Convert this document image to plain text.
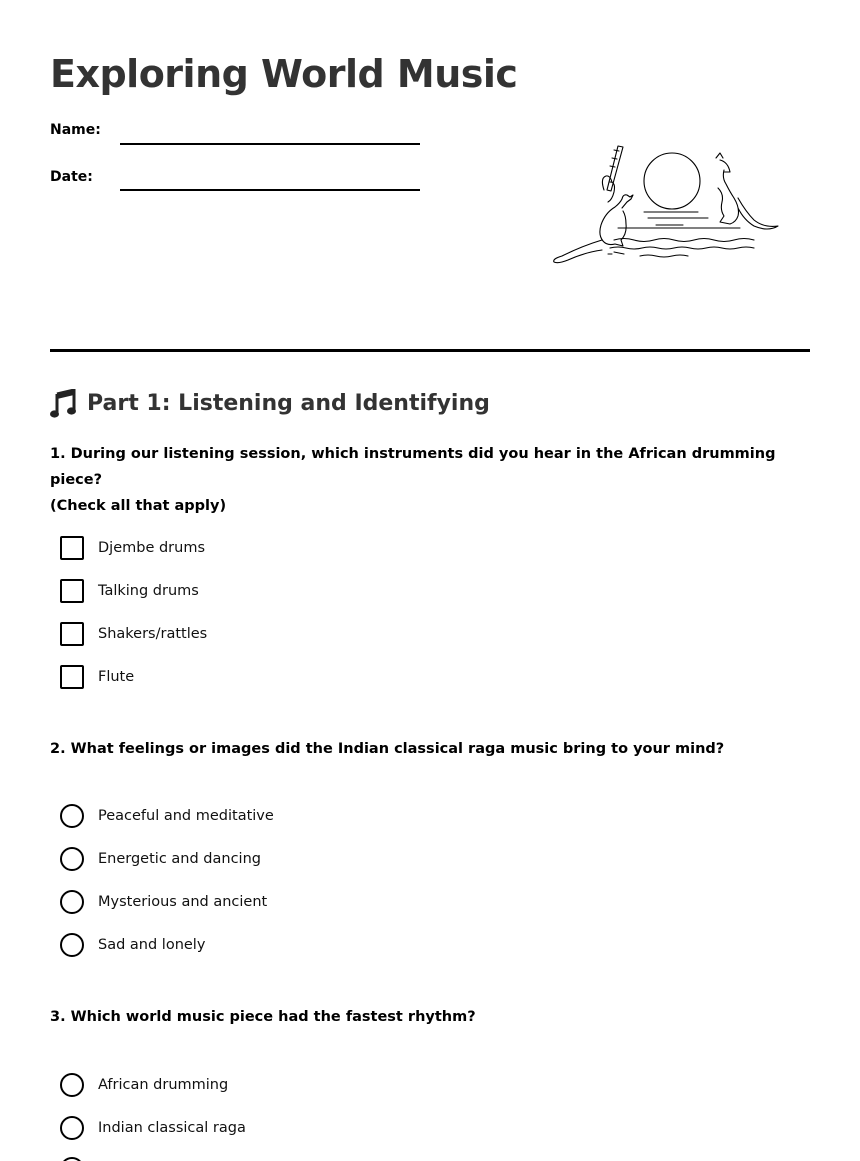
Exploring World Music
Name:
Date:
Part 1: Listening and Identifying

1. During our listening session, which instruments did you hear in the African drumming piece?
(Check all that apply)

Djembe drums
Talking drums
Shakers/rattles
Flute

2. What feelings or images did the Indian classical raga music bring to your mind?

Peaceful and meditative
Energetic and dancing
Mysterious and ancient
Sad and lonely

3. Which world music piece had the fastest rhythm?

African drumming
Indian classical raga
